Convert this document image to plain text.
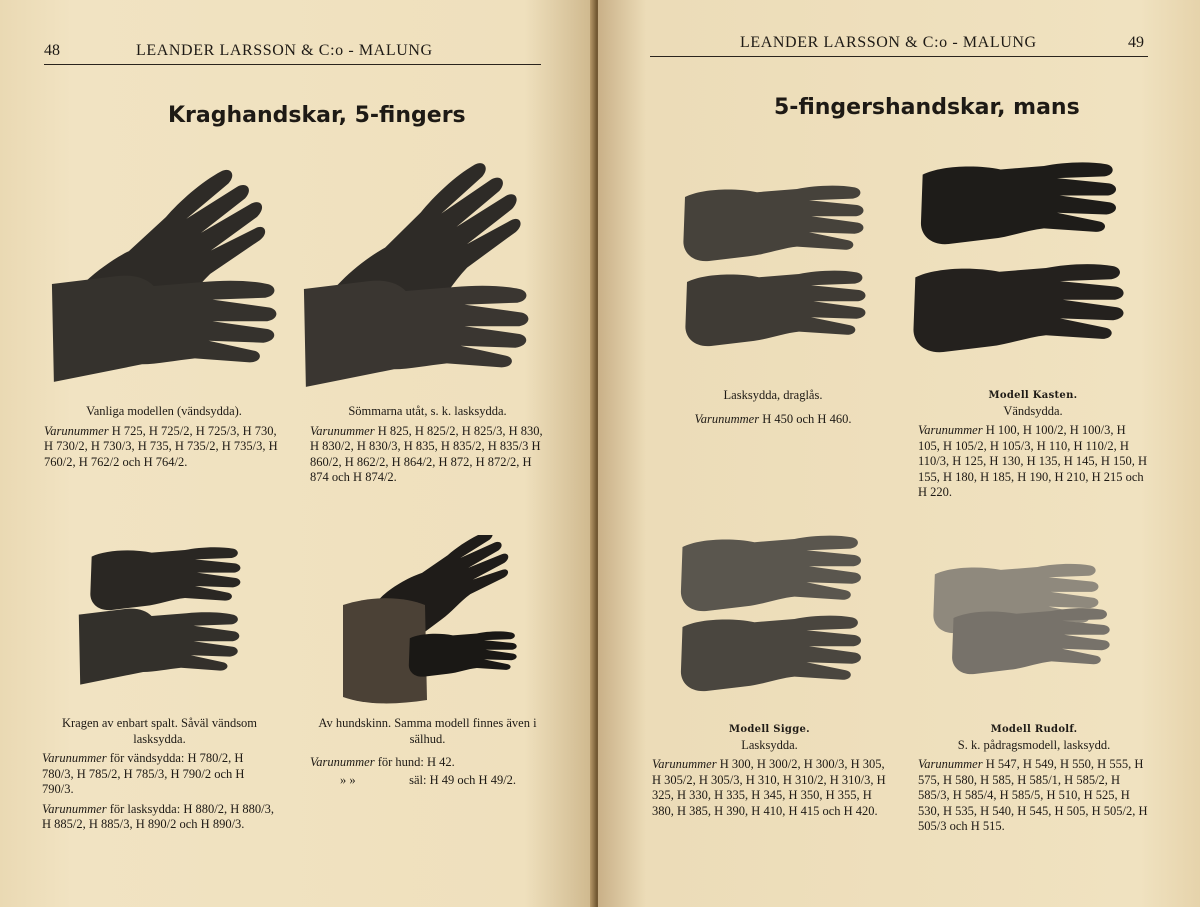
48	LEANDER LARSSON & C:o - MALUNG
Kraghandskar, 5-fingers

Vanliga modellen (vändsydda).

Varunummer H 725, H 725/2, H 725/3, H 730, H 730/2, H 730/3, H 735, H 735/2, H 735/3, H 760/2, H 762/2 och H 764/2.

Sömmarna utåt, s. k. lasksydda.

Varunummer H 825, H 825/2, H 825/3, H 830, H 830/2, H 830/3, H 835, H 835/2, H 835/3 H 860/2, H 862/2, H 864/2, H 872, H 872/2, H 874 och H 874/2.

Kragen av enbart spalt. Såväl vändsom lasksydda.

Varunummer för vändsydda: H 780/2, H 780/3, H 785/2, H 785/3, H 790/2 och H 790/3.

Varunummer för lasksydda: H 880/2, H 880/3, H 885/2, H 885/3, H 890/2 och H 890/3.

Av hundskinn. Samma modell finnes även i sälhud.

Varunummer för hund: H 42.

» »	säl: H 49 och H 49/2.

LEANDER LARSSON & C:o - MALUNG	49
5-fingershandskar, mans

Lasksydda, draglås.

Varunummer H 450 och H 460.

Modell Kasten.

Vändsydda.

Varunummer H 100, H 100/2, H 100/3, H 105, H 105/2, H 105/3, H 110, H 110/2, H 110/3, H 125, H 130, H 135, H 145, H 150, H 155, H 180, H 185, H 190, H 210, H 215 och H 220.

Modell Sigge.

Lasksydda.

Varunummer H 300, H 300/2, H 300/3, H 305, H 305/2, H 305/3, H 310, H 310/2, H 310/3, H 325, H 330, H 335, H 345, H 350, H 355, H 380, H 385, H 390, H 410, H 415 och H 420.

Modell Rudolf.

S. k. pådragsmodell, lasksydd.

Varunummer H 547, H 549, H 550, H 555, H 575, H 580, H 585, H 585/1, H 585/2, H 585/3, H 585/4, H 585/5, H 510, H 525, H 530, H 535, H 540, H 545, H 505, H 505/2, H 505/3 och H 515.
